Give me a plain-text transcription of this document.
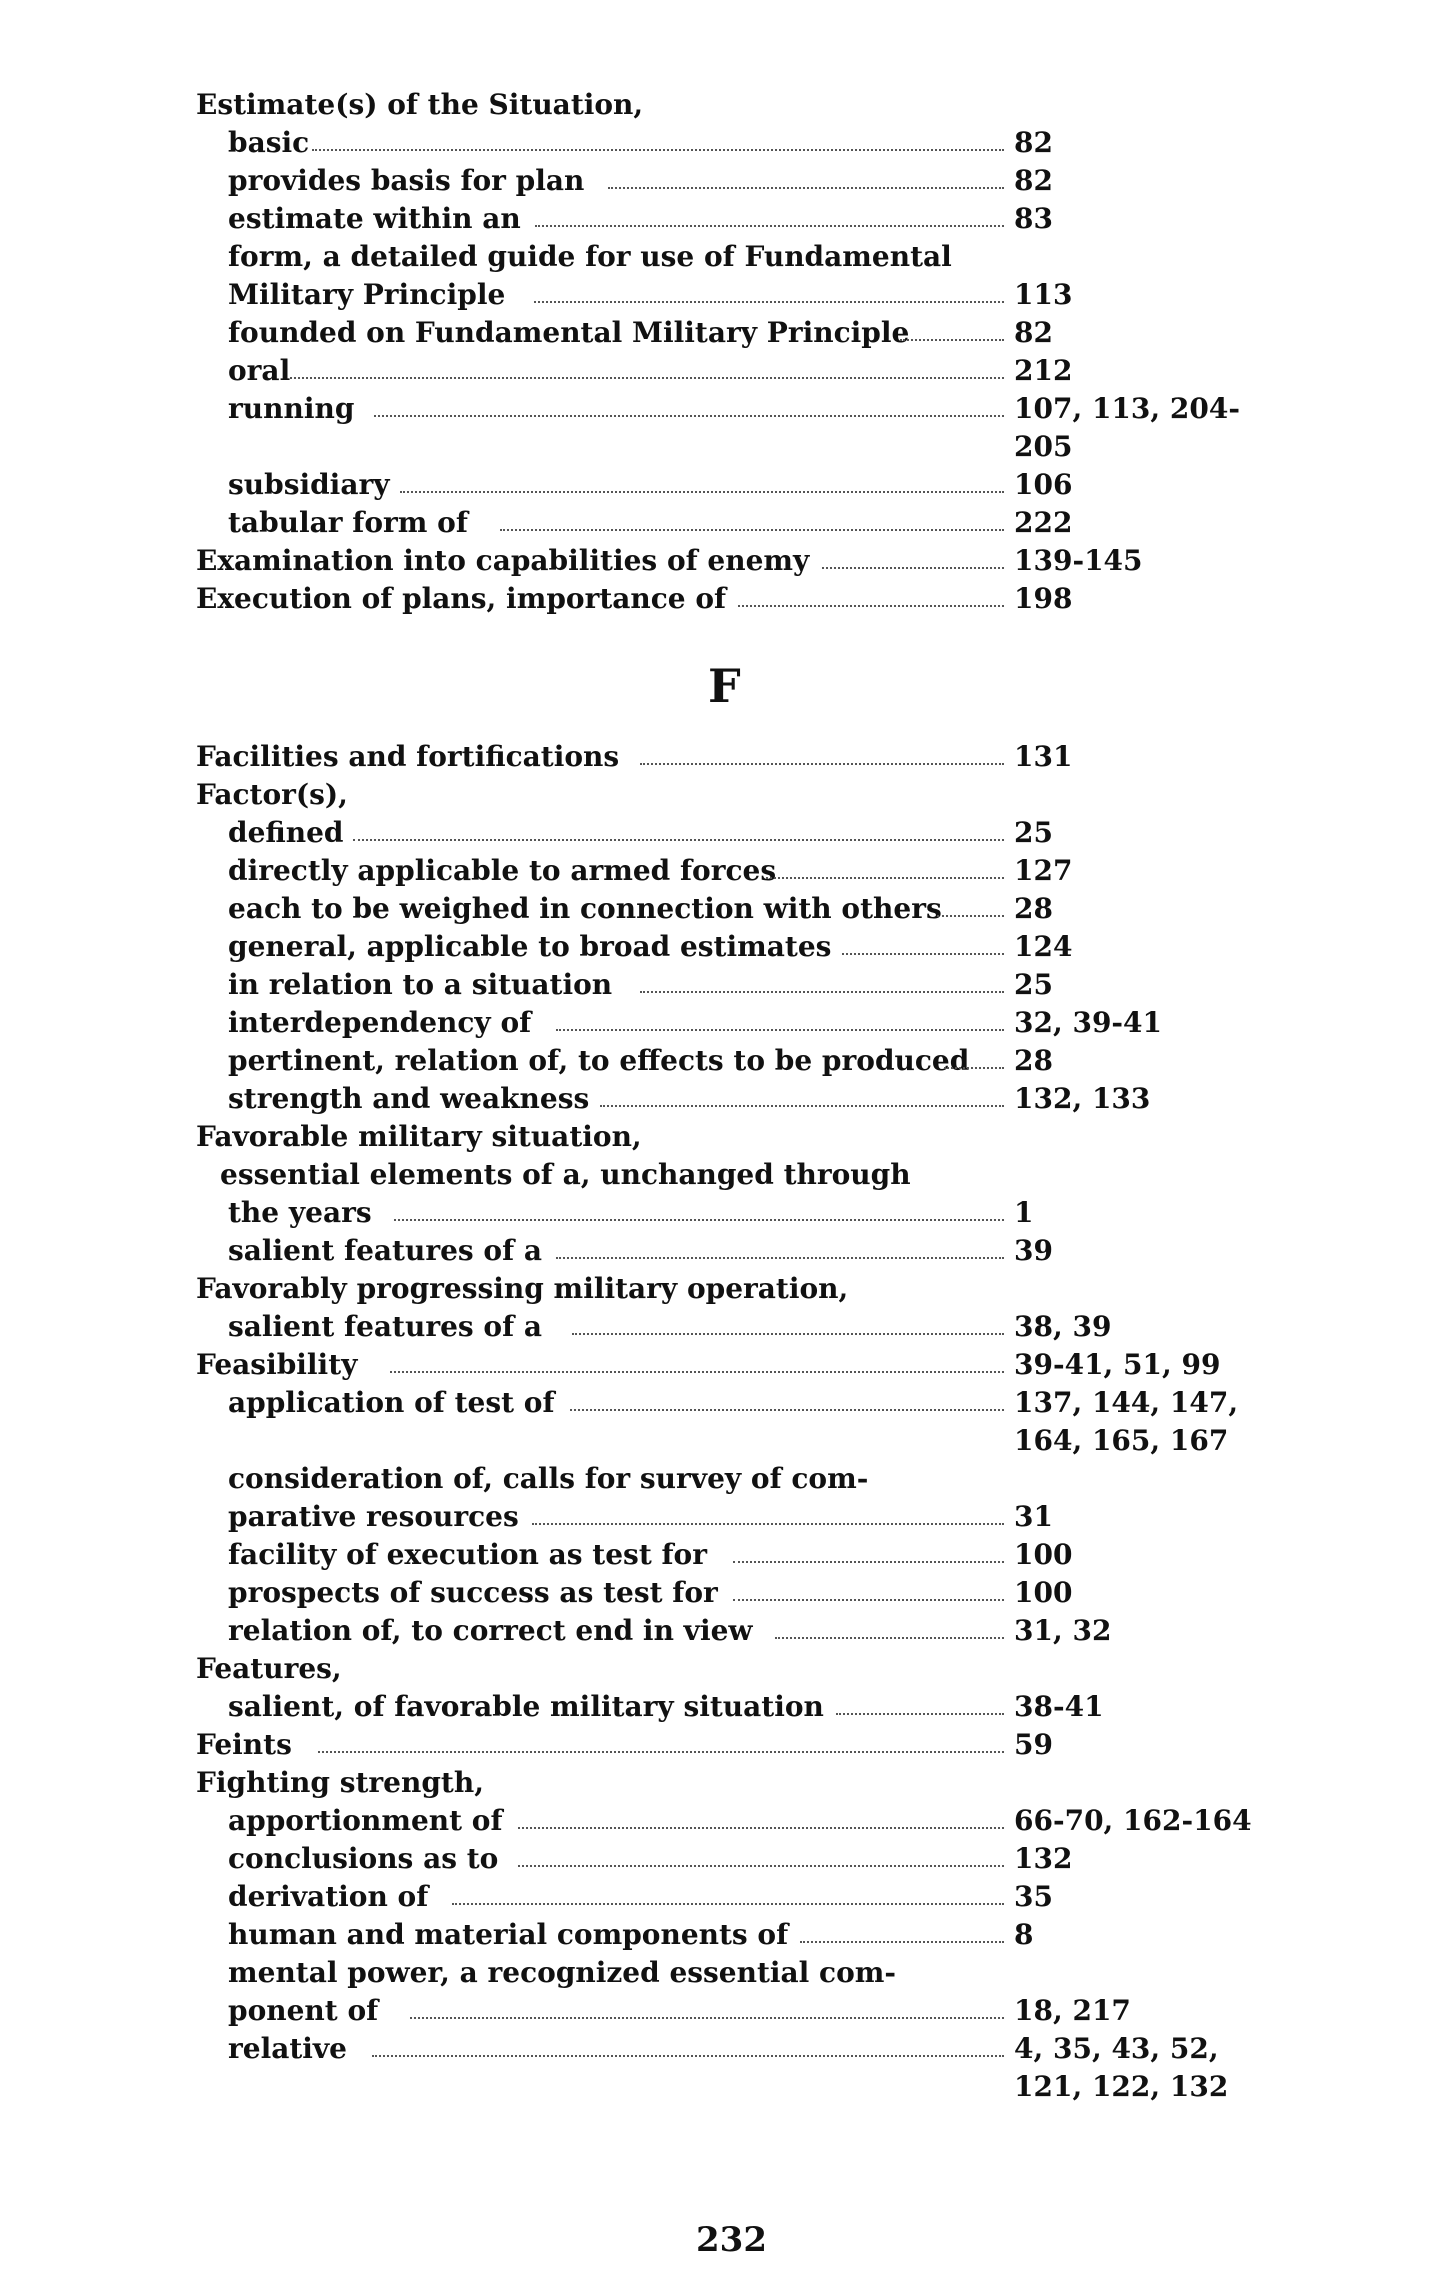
Estimate(s) of the Situation,
basic	82
provides basis for plan	82
estimate within an	83
form, a detailed guide for use of Fundamental
Military Principle	113
founded on Fundamental Military Principle	82
oral	212
running	107, 113, 204-
205
subsidiary	106
tabular form of	222
Examination into capabilities of enemy	139-145
Execution of plans, importance of	198
Facilities and fortifications	131
Factor(s),
defined	25
directly applicable to armed forces	127
each to be weighed in connection with others	28
general, applicable to broad estimates	124
in relation to a situation	25
interdependency of	32, 39-41
pertinent, relation of, to effects to be produced 28
strength and weakness	132, 133
Favorable military situation,
essential elements of a, unchanged through
the years	1
salient features of a	39
Favorably progressing military operation,
salient features of a	38, 39
Feasibility	39-41, 51, 99
application of test of	137, 144, 147,
164, 165, 167
consideration of, calls for survey of com-
parative resources	31
facility of execution as test for	100
prospects of success as test for	100
relation of, to correct end in view	31, 32
Features,
salient, of favorable military situation	38-41
Feints	59
Fighting strength,
apportionment of	66-70, 162-164
conclusions as to	132
derivation of	35
human and material components of	8
mental power, a recognized essential com-
ponent of	18, 217
relative	4, 35, 43, 52,
121, 122, 132
F
232
